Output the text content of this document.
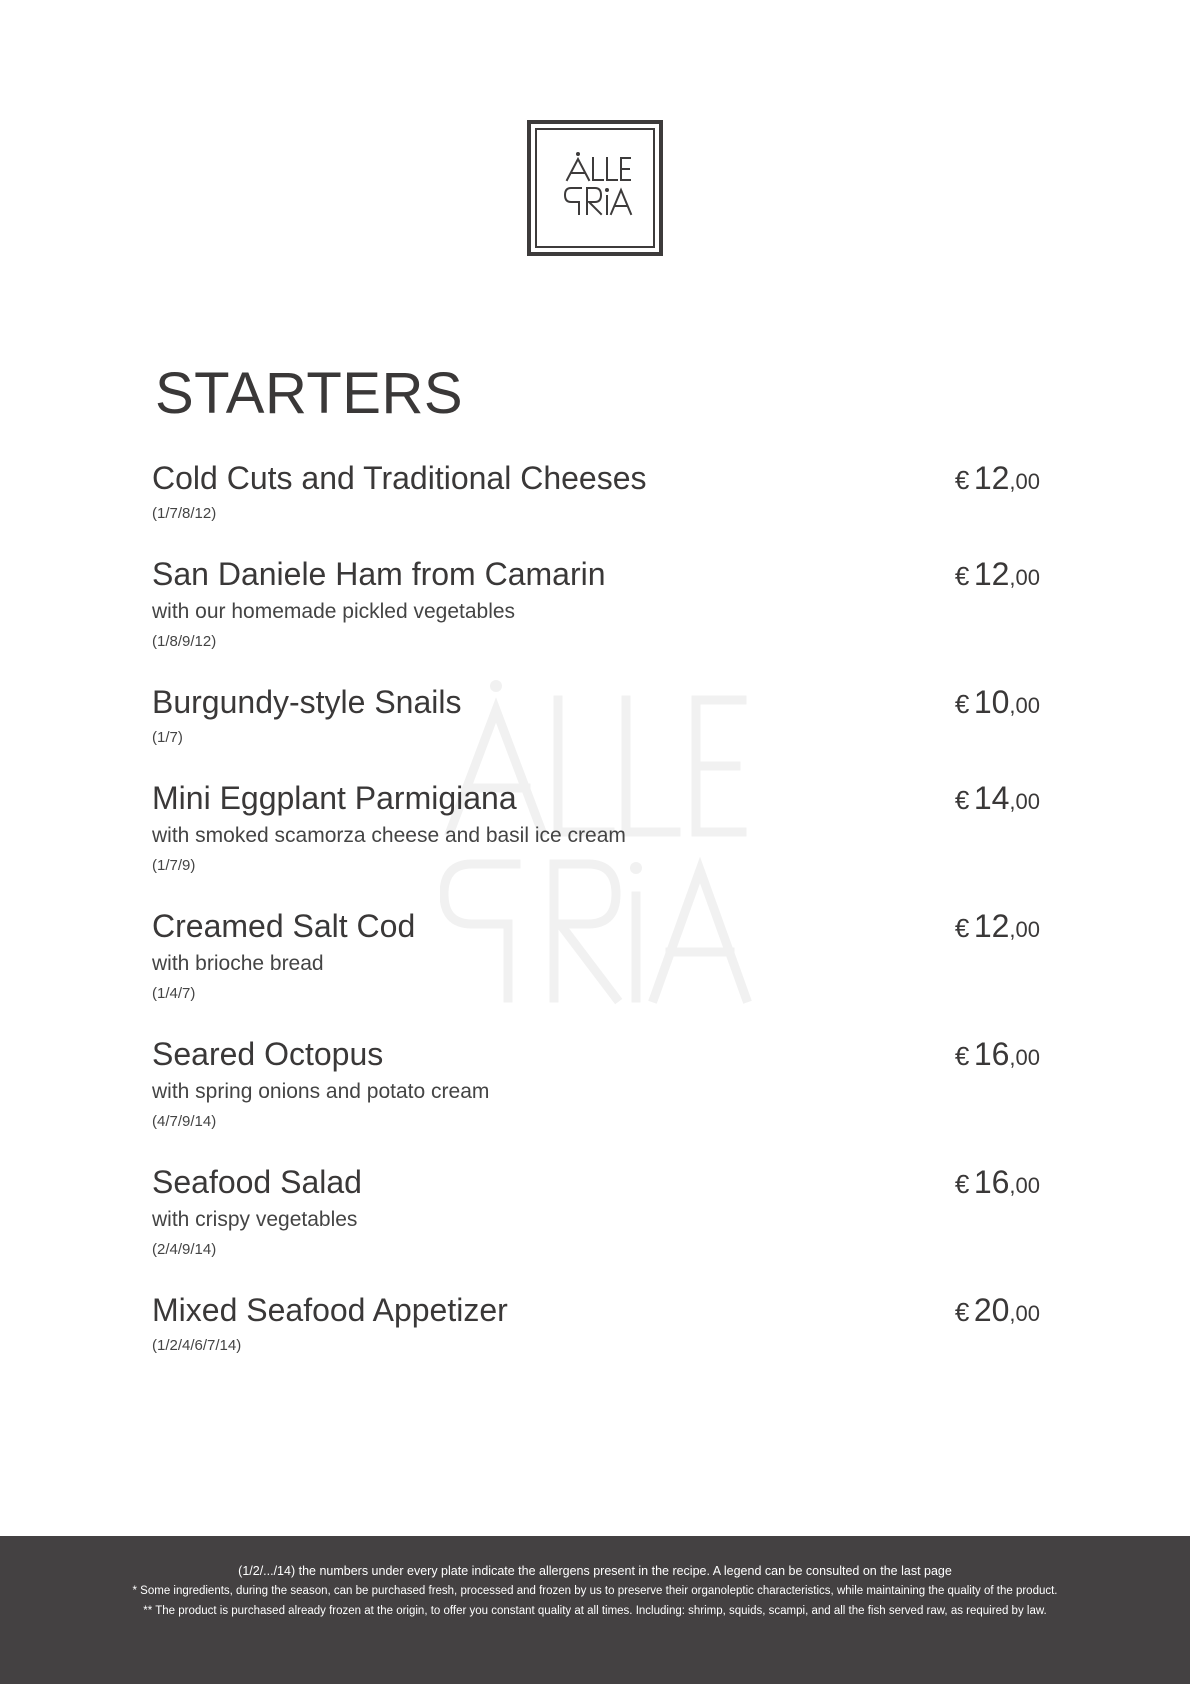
STARTERS
Cold Cuts and Traditional Cheeses
(1/7/8/12)
€ 12,00
San Daniele Ham from Camarin
with our homemade pickled vegetables
(1/8/9/12)
€ 12,00
Burgundy-style Snails
(1/7)
€ 10,00
Mini Eggplant Parmigiana
with smoked scamorza cheese and basil ice cream
(1/7/9)
€ 14,00
Creamed Salt Cod
with brioche bread
(1/4/7)
€ 12,00
Seared Octopus
with spring onions and potato cream
(4/7/9/14)
€ 16,00
Seafood Salad
with crispy vegetables
(2/4/9/14)
€ 16,00
Mixed Seafood Appetizer
(1/2/4/6/7/14)
€ 20,00

(1/2/.../14) the numbers under every plate indicate the allergens present in the recipe. A legend can be consulted on the last page

* Some ingredients, during the season, can be purchased fresh, processed and frozen by us to preserve their organoleptic characteristics, while maintaining the quality of the product.

** The product is purchased already frozen at the origin, to offer you constant quality at all times. Including: shrimp, squids, scampi, and all the fish served raw, as required by law.
